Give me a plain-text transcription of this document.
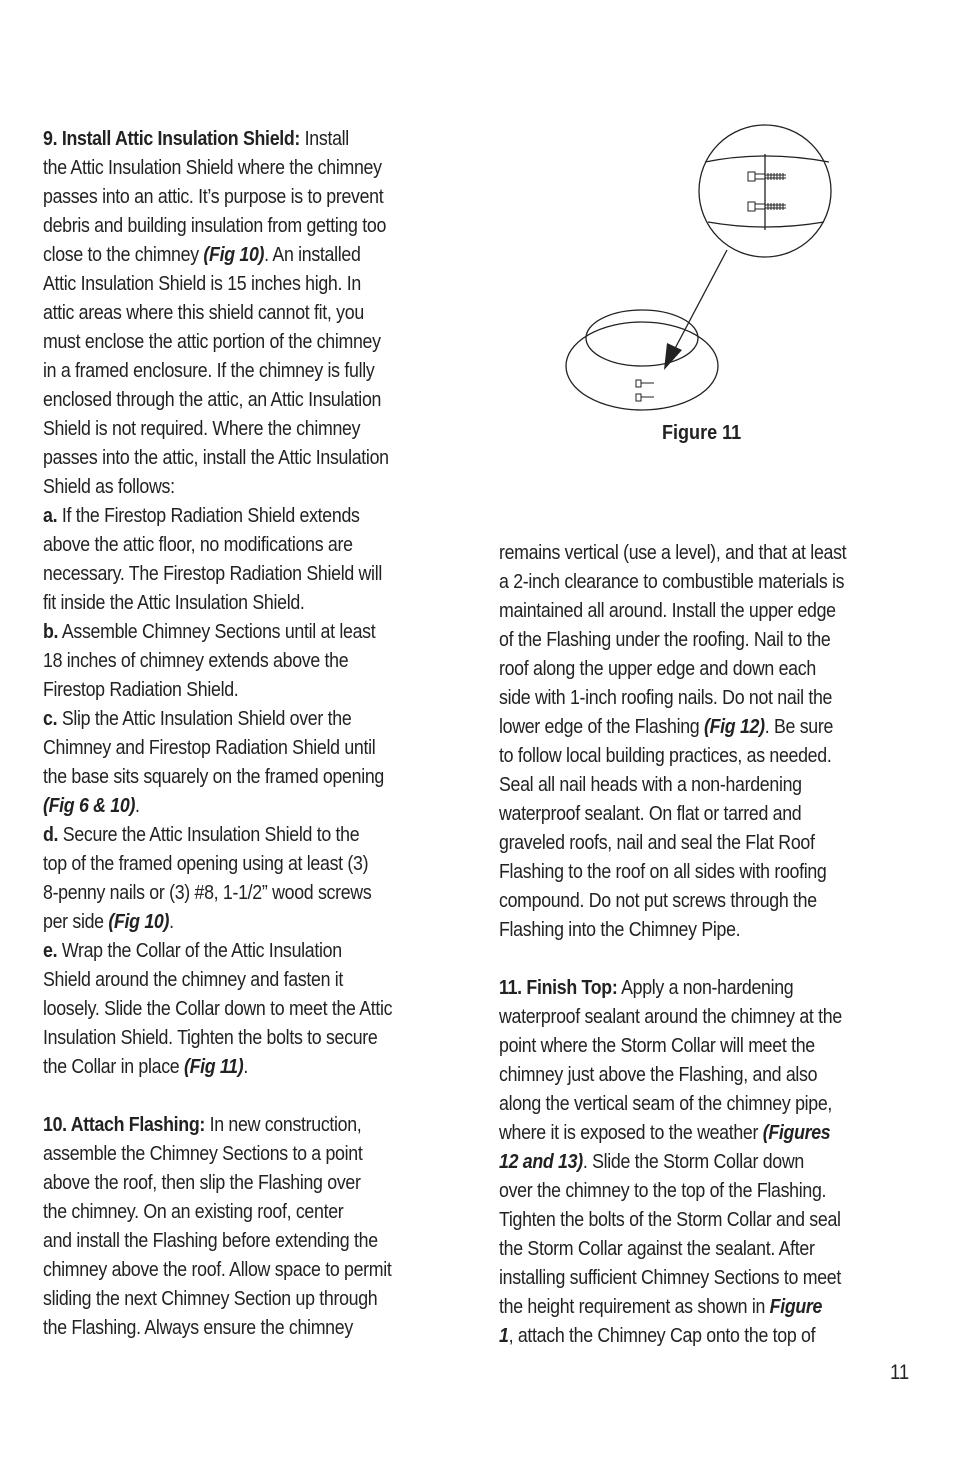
9. Install Attic Insulation Shield: Install
the Attic Insulation Shield where the chimney
passes into an attic. It’s purpose is to prevent
debris and building insulation from getting too
close to the chimney (Fig 10). An installed
Attic Insulation Shield is 15 inches high. In
attic areas where this shield cannot fit, you
must enclose the attic portion of the chimney
in a framed enclosure. If the chimney is fully
enclosed through the attic, an Attic Insulation
Shield is not required. Where the chimney
passes into the attic, install the Attic Insulation
Shield as follows:
a. If the Firestop Radiation Shield extends
above the attic floor, no modifications are
necessary. The Firestop Radiation Shield will
fit inside the Attic Insulation Shield.
b. Assemble Chimney Sections until at least
18 inches of chimney extends above the
Firestop Radiation Shield.
c. Slip the Attic Insulation Shield over the
Chimney and Firestop Radiation Shield until
the base sits squarely on the framed opening
(Fig 6 & 10).
d. Secure the Attic Insulation Shield to the
top of the framed opening using at least (3)
8-penny nails or (3) #8, 1-1/2” wood screws
per side (Fig 10).
e. Wrap the Collar of the Attic Insulation
Shield around the chimney and fasten it
loosely. Slide the Collar down to meet the Attic
Insulation Shield. Tighten the bolts to secure
the Collar in place (Fig 11).
10. Attach Flashing: In new construction,
assemble the Chimney Sections to a point
above the roof, then slip the Flashing over
the chimney. On an existing roof, center
and install the Flashing before extending the
chimney above the roof. Allow space to permit
sliding the next Chimney Section up through
the Flashing. Always ensure the chimney
remains vertical (use a level), and that at least
a 2-inch clearance to combustible materials is
maintained all around. Install the upper edge
of the Flashing under the roofing. Nail to the
roof along the upper edge and down each
side with 1-inch roofing nails. Do not nail the
lower edge of the Flashing (Fig 12). Be sure
to follow local building practices, as needed.
Seal all nail heads with a non-hardening
waterproof sealant. On flat or tarred and
graveled roofs, nail and seal the Flat Roof
Flashing to the roof on all sides with roofing
compound. Do not put screws through the
Flashing into the Chimney Pipe.
11. Finish Top: Apply a non-hardening
waterproof sealant around the chimney at the
point where the Storm Collar will meet the
chimney just above the Flashing, and also
along the vertical seam of the chimney pipe,
where it is exposed to the weather (Figures
12 and 13). Slide the Storm Collar down
over the chimney to the top of the Flashing.
Tighten the bolts of the Storm Collar and seal
the Storm Collar against the sealant. After
installing sufficient Chimney Sections to meet
the height requirement as shown in Figure
1, attach the Chimney Cap onto the top of
Figure 11
11
